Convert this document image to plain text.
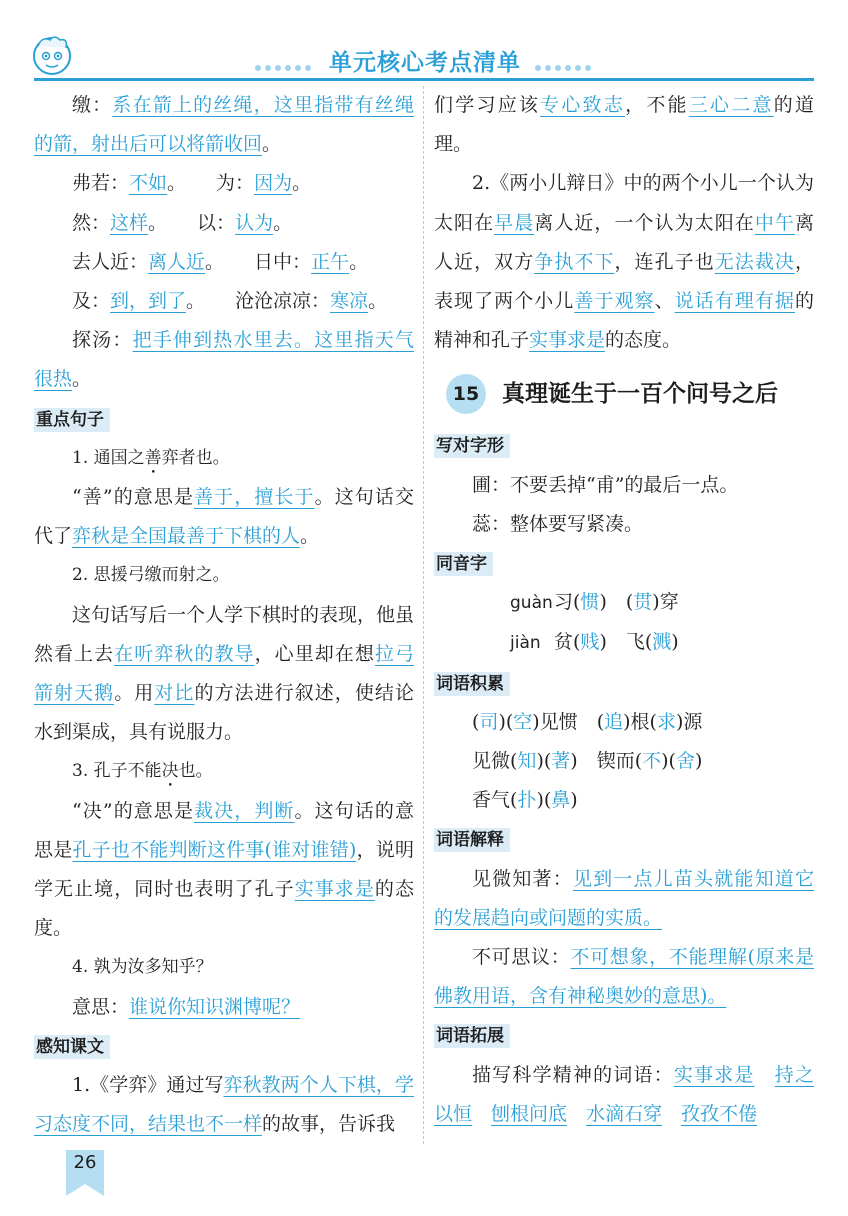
单元核心考点清单

缴：系在箭上的丝绳，这里指带有丝绳的箭，射出后可以将箭收回。

弗若：不如。 为：因为。

然：这样。 以：认为。

去人近：离人近。 日中：正午。

及：到，到了。 沧沧凉凉：寒凉。

探汤：把手伸到热水里去。这里指天气很热。

重点句子

1. 通国之善弈者也。

“善”的意思是善于，擅长于。这句话交代了弈秋是全国最善于下棋的人。

2. 思援弓缴而射之。

这句话写后一个人学下棋时的表现，他虽然看上去在听弈秋的教导，心里却在想拉弓箭射天鹅。用对比的方法进行叙述，使结论水到渠成，具有说服力。

3. 孔子不能决也。

“决”的意思是裁决，判断。这句话的意思是孔子也不能判断这件事(谁对谁错)，说明学无止境，同时也表明了孔子实事求是的态度。

4. 孰为汝多知乎？

意思：谁说你知识渊博呢？

感知课文

1.《学弈》通过写弈秋教两个人下棋，学习态度不同，结果也不一样的故事，告诉我

们学习应该专心致志，不能三心二意的道理。

2.《两小儿辩日》中的两个小儿一个认为太阳在早晨离人近，一个认为太阳在中午离人近，双方争执不下，连孔子也无法裁决，表现了两个小儿善于观察、说话有理有据的精神和孔子实事求是的态度。

15 真理诞生于一百个问号之后
写对字形

圃：不要丢掉“甫”的最后一点。

蕊：整体要写紧凑。

同音字

guàn习(惯)　(贯)穿

jiàn 贫(贱)　飞(溅)

词语积累

(司)(空)见惯　(追)根(求)源

见微(知)(著)　锲而(不)(舍)

香气(扑)(鼻)

词语解释

见微知著：见到一点儿苗头就能知道它的发展趋向或问题的实质。

不可思议：不可想象，不能理解(原来是佛教用语，含有神秘奥妙的意思)。

词语拓展

描写科学精神的词语：实事求是　 持之以恒　 刨根问底　 水滴石穿　 孜孜不倦

26
